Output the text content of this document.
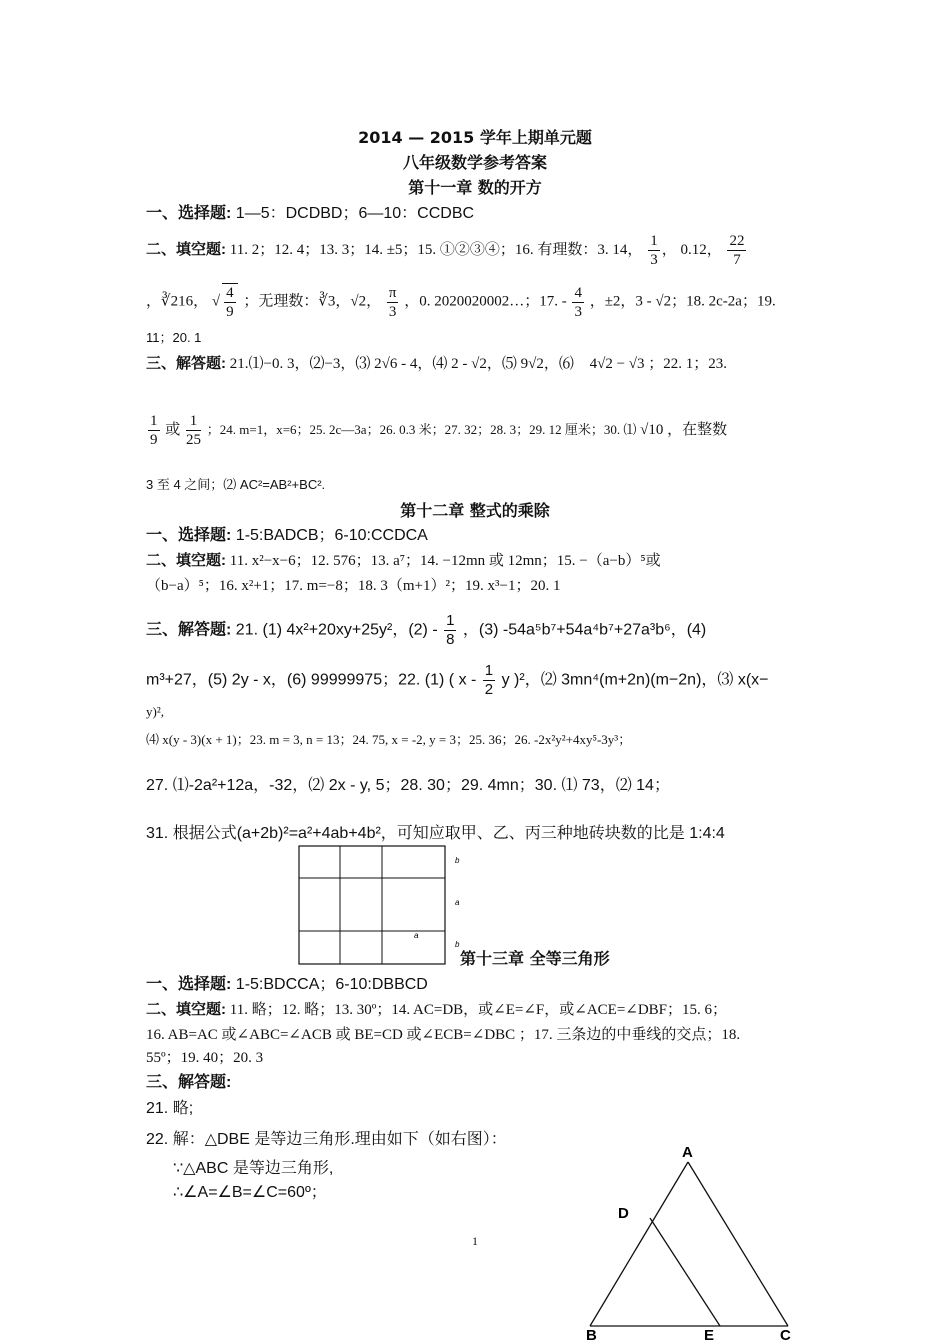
2014 — 2015 学年上期单元题
八年级数学参考答案
第十一章 数的开方
一、选择题: 1—5：DCDBD；6—10：CCDBC
二、填空题: 11. 2；12. 4；13. 3；14. ±5；15. ①②③④；16. 有理数：3. 14， $\frac{1}{3}$ ， 0.12， $\frac{22}{7}$
，∛216， √ $\frac{4}{9}$ ；无理数：∛3，√2， $\frac{\pi}{3}$ ，0. 2020020002…；17. - $\frac{4}{3}$ ，±2，3 - √2；18. 2c-2a；19.
11；20. 1
三、解答题: 21.⑴−0. 3，⑵−3，⑶ 2√6 - 4，⑷ 2 - √2，⑸ 9√2，⑹ 4√2 − √3 ；22. 1；23.
$\frac{1}{9}$ 或 $\frac{1}{25}$ ；24. m=1，x=6；25. 2c—3a；26. 0.3 米；27. 32；28. 3；29. 12 厘米；30. ⑴ √10 ，在整数
3 至 4 之间；⑵ AC²=AB²+BC².
第十二章 整式的乘除
一、选择题: 1-5:BADCB；6-10:CCDCA
二、填空题: 11. x²−x−6；12. 576；13. a⁷；14. −12mn 或 12mn；15. −（a−b）⁵或
（b−a）⁵；16. x²+1；17. m=−8；18. 3（m+1）²；19. x³−1；20. 1
三、解答题: 21. (1) 4x²+20xy+25y²，$(2) - \frac{1}{8}$ ，(3) -54a⁵b⁷+54a⁴b⁷+27a³b⁶，(4)
m³+27，(5) 2y - x，(6) 99999975；22. (1) ( x - $\frac{1}{2}$ y )²，⑵ 3mn⁴(m+2n)(m−2n)，⑶ x(x−
y)²,
⑷ x(y - 3)(x + 1)；23. m = 3, n = 13；24. 75, x = -2, y = 3；25. 36；26. -2x²y²+4xy⁵-3y³；
27. ⑴-2a²+12a，-32，⑵ 2x - y, 5；28. 30；29. 4mn；30. ⑴ 73，⑵ 14；
31. 根据公式(a+2b)²=a²+4ab+4b²，可知应取甲、乙、丙三种地砖块数的比是 1:4:4
b
a
a
b
第十三章 全等三角形
一、选择题: 1-5:BDCCA；6-10:DBBCD
二、填空题: 11. 略；12. 略；13. 30º；14. AC=DB，或∠E=∠F，或∠ACE=∠DBF；15. 6；
16. AB=AC 或∠ABC=∠ACB 或 BE=CD 或∠ECB=∠DBC ；17. 三条边的中垂线的交点；18.
55º；19. 40；20. 3
三、解答题:
21. 略;
22. 解：△DBE 是等边三角形.理由如下（如右图）：
∵△ABC 是等边三角形,
∴∠A=∠B=∠C=60º；
A
D
B	E	C
1
